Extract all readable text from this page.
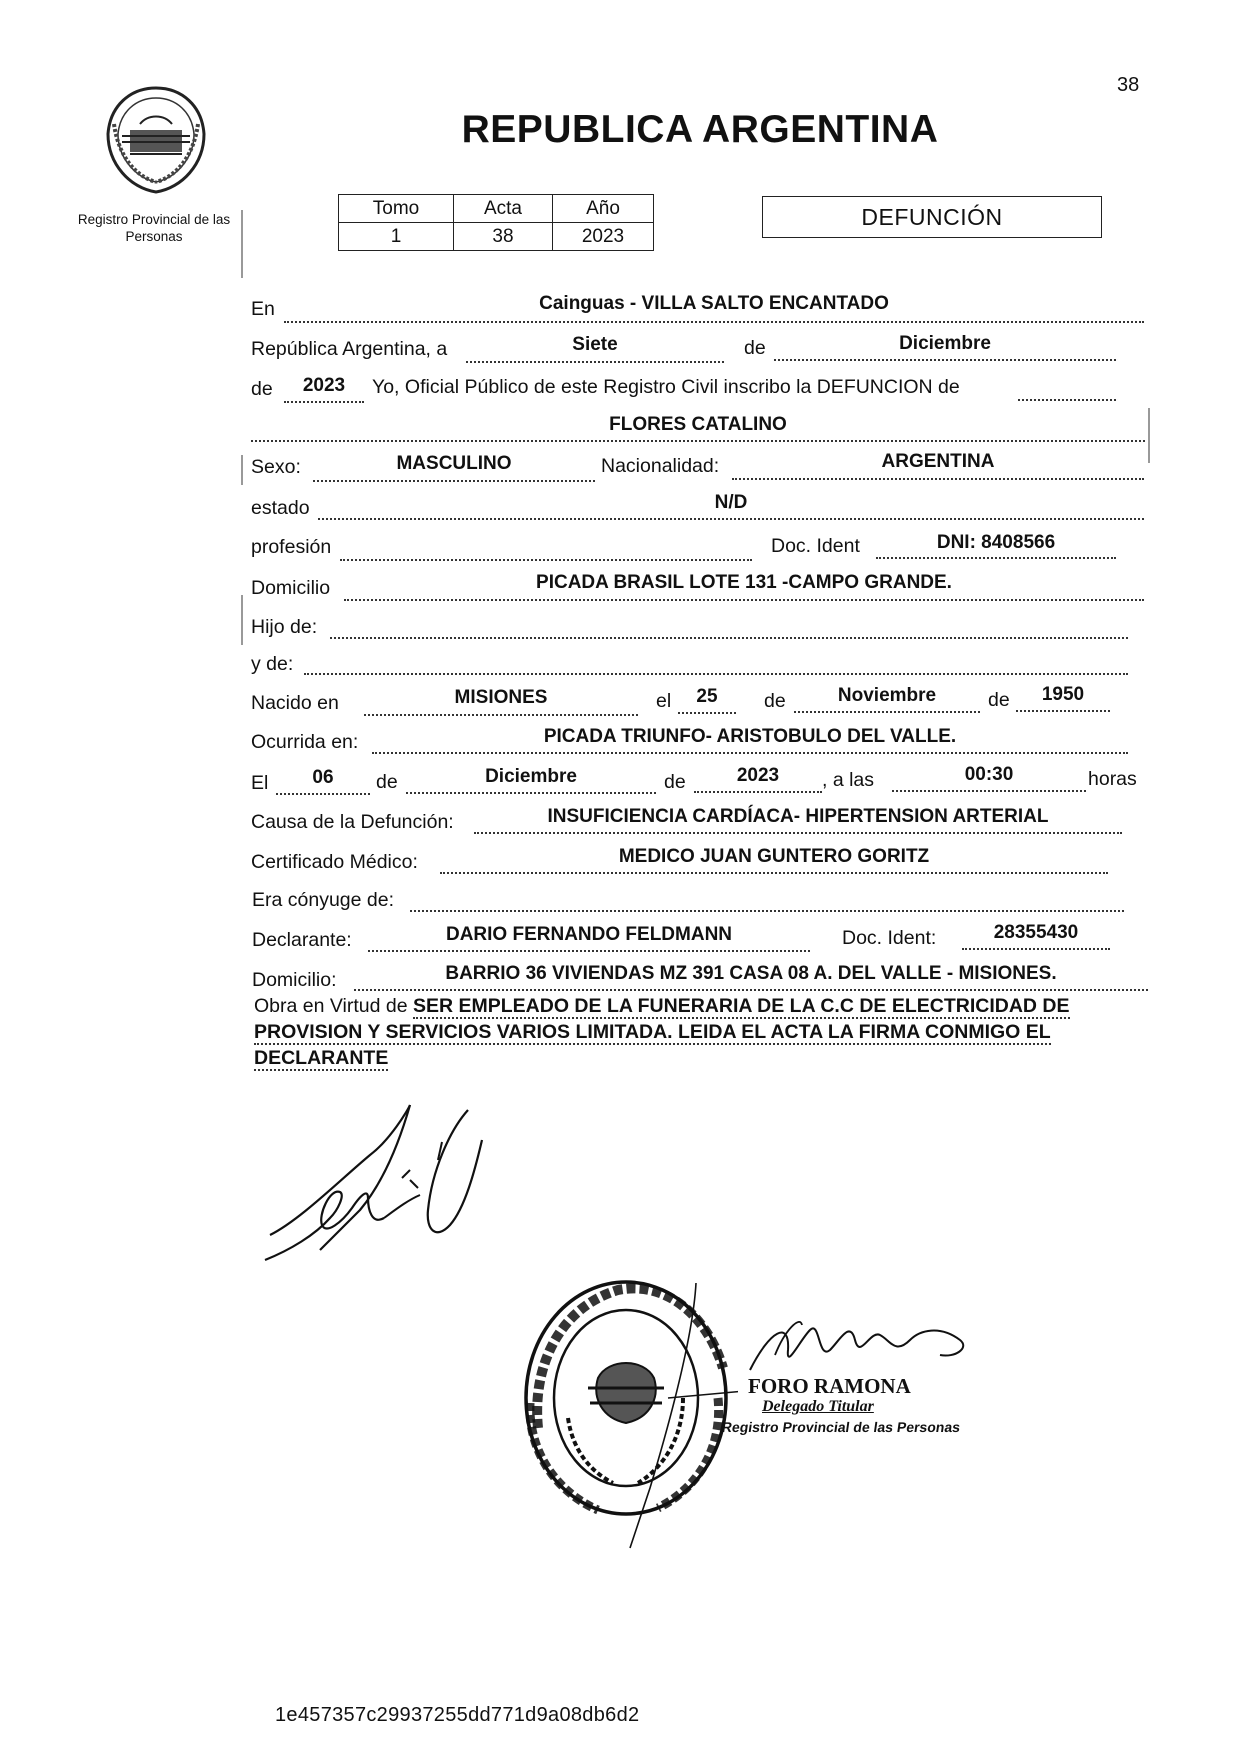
38
Registro Provincial de las Personas
REPUBLICA ARGENTINA
Tomo	Acta	Año
1	38	2023
DEFUNCIÓN
En	Cainguas - VILLA SALTO ENCANTADO
República Argentina, a	Siete	de	Diciembre
de	2023	Yo, Oficial Público de este Registro Civil inscribo la DEFUNCION de
FLORES CATALINO
Sexo:	MASCULINO	Nacionalidad:	ARGENTINA
estado	N/D
profesión	Doc. Ident	DNI: 8408566
Domicilio	PICADA BRASIL LOTE 131 -CAMPO GRANDE.
Hijo de:
y de:
Nacido en	MISIONES	el	25	de	Noviembre	de	1950
Ocurrida en:	PICADA TRIUNFO- ARISTOBULO DEL VALLE.
El	06	de	Diciembre	de	2023	, a las	00:30	horas
Causa de la Defunción:	INSUFICIENCIA CARDÍACA- HIPERTENSION ARTERIAL
Certificado Médico:	MEDICO JUAN GUNTERO GORITZ
Era cónyuge de:
Declarante:	DARIO FERNANDO FELDMANN	Doc. Ident:	28355430
Domicilio:	BARRIO 36 VIVIENDAS MZ 391 CASA 08 A. DEL VALLE - MISIONES.
Obra en Virtud de SER EMPLEADO DE LA FUNERARIA DE LA C.C DE ELECTRICIDAD DE PROVISION Y SERVICIOS VARIOS LIMITADA. LEIDA EL ACTA LA FIRMA CONMIGO EL DECLARANTE
FORO RAMONA
Delegado Titular
Registro Provincial de las Personas
1e457357c29937255dd771d9a08db6d2
